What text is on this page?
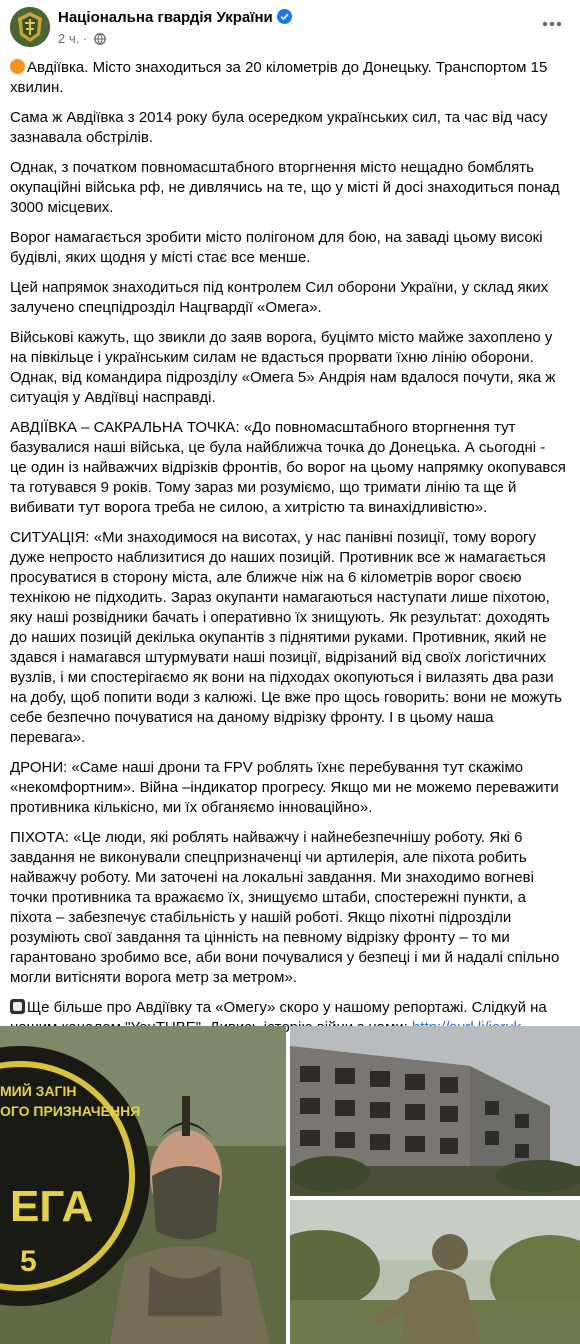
Національна гвардія України
2 ч. ·

Авдіївка. Місто знаходиться за 20 кілометрів до Донецьку. Транспортом 15 хвилин.

Сама ж Авдіївка з 2014 року була осередком українських сил, та час від часу зазнавала обстрілів.

Однак, з початком повномасштабного вторгнення місто нещадно бомблять окупаційні війська рф, не дивлячись на те, що у місті й досі знаходиться понад 3000 місцевих.

Ворог намагається зробити місто полігоном для бою, на заваді цьому високі будівлі, яких щодня у місті стає все менше.

Цей напрямок знаходиться під контролем Сил оборони України, у склад яких залучено спецпідрозділ Нацгвардії «Омега».

Військові кажуть, що звикли до заяв ворога, буцімто місто майже захоплено у на півкільце і українським силам не вдасться прорвати їхню лінію оборони. Однак, від командира підрозділу «Омега 5» Андрія нам вдалося почути, яка ж ситуація у Авдіївці насправді.

АВДІЇВКА – САКРАЛЬНА ТОЧКА: «До повномасштабного вторгнення тут базувалися наші війська, це була найближча точка до Донецька. А сьогодні - це один із найважчих відрізків фронтів, бо ворог на цьому напрямку окопувався та готувався 9 років. Тому зараз ми розуміємо, що тримати лінію та ще й вибивати тут ворога треба не силою, а хитрістю та винахідливістю».

СИТУАЦІЯ: «Ми знаходимося на висотах, у нас панівні позиції, тому ворогу дуже непросто наблизитися до наших позицій. Противник все ж намагається просуватися в сторону міста, але ближче ніж на 6 кілометрів ворог своєю технікою не підходить. Зараз окупанти намагаються наступати лише піхотою, яку наші розвідники бачать і оперативно їх знищують. Як результат: доходять до наших позицій декілька окупантів з піднятими руками. Противник, який не здався і намагався штурмувати наші позиції, відрізаний від своїх логістичних вузлів, і ми спостерігаємо як вони на підходах окопуються і вилазять два рази на добу, щоб попити води з калюжі. Це вже про щось говорить: вони не можуть себе безпечно почуватися на даному відрізку фронту. І в цьому наша перевага».

ДРОНИ: «Саме наші дрони та FPV роблять їхнє перебування тут скажімо «некомфортним». Війна –індикатор прогресу. Якщо ми не можемо переважити противника кількісно, ми їх обганяємо інноваційно».

ПІХОТА: «Це люди, які роблять найважчу і найнебезпечнішу роботу. Які 6 завдання не виконували спецпризначенці чи артилерія, але піхота робить найважчу роботу. Ми заточені на локальні завдання. Ми знаходимо вогневі точки противника та вражаємо їх, знищуємо штаби, спостережні пункти, а піхота – забезпечує стабільність у нашій роботі. Якщо піхотні підрозділи розуміють свої завдання та цінність на певному відрізку фронту – то ми гарантовано зробимо все, аби вони почувалися у безпеці і ми й надалі спільно могли витісняти ворога метр за метром».

Ще більше про Авдіївку та «Омегу» скоро у нашому репортажі. Слідкуй на історію

МИЙ ЗАГІН
ОГО ПРИЗНАЧЕННЯ
ЕГА
5
